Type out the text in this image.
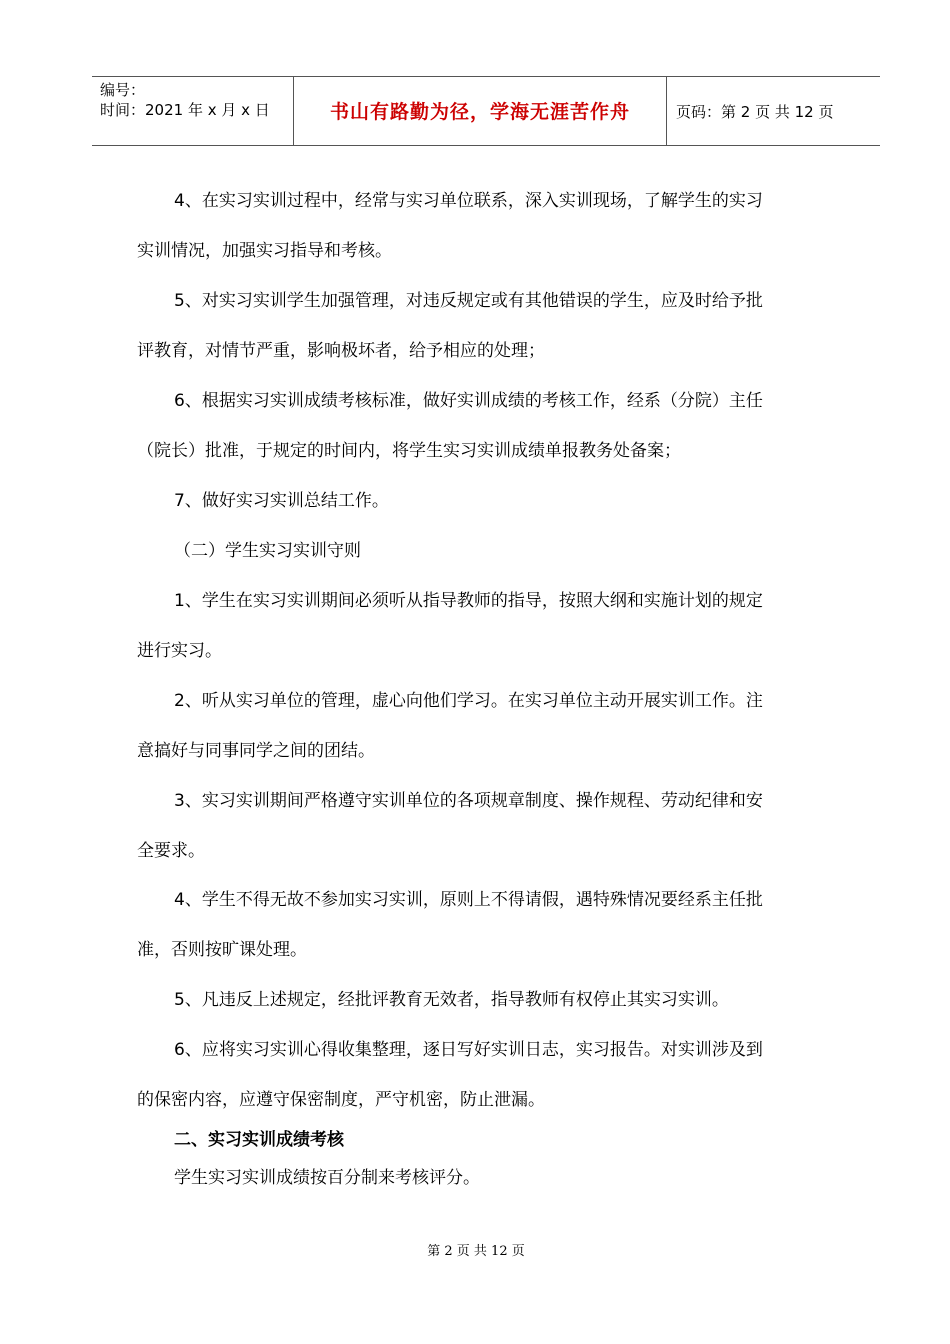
编号：
时间：2021 年 x 月 x 日	书山有路勤为径，学海无涯苦作舟	页码：第 2 页 共 12 页
4、在实习实训过程中，经常与实习单位联系，深入实训现场，了解学生的实习
实训情况，加强实习指导和考核。
5、对实习实训学生加强管理，对违反规定或有其他错误的学生，应及时给予批
评教育，对情节严重，影响极坏者，给予相应的处理；
6、根据实习实训成绩考核标准，做好实训成绩的考核工作，经系（分院）主任
（院长）批准，于规定的时间内，将学生实习实训成绩单报教务处备案；
7、做好实习实训总结工作。
（二）学生实习实训守则
1、学生在实习实训期间必须听从指导教师的指导，按照大纲和实施计划的规定
进行实习。
2、听从实习单位的管理，虚心向他们学习。在实习单位主动开展实训工作。注
意搞好与同事同学之间的团结。
3、实习实训期间严格遵守实训单位的各项规章制度、操作规程、劳动纪律和安
全要求。
4、学生不得无故不参加实习实训，原则上不得请假，遇特殊情况要经系主任批
准，否则按旷课处理。
5、凡违反上述规定，经批评教育无效者，指导教师有权停止其实习实训。
6、应将实习实训心得收集整理，逐日写好实训日志，实习报告。对实训涉及到
的保密内容，应遵守保密制度，严守机密，防止泄漏。
二、实习实训成绩考核
学生实习实训成绩按百分制来考核评分。
第 2 页 共 12 页
